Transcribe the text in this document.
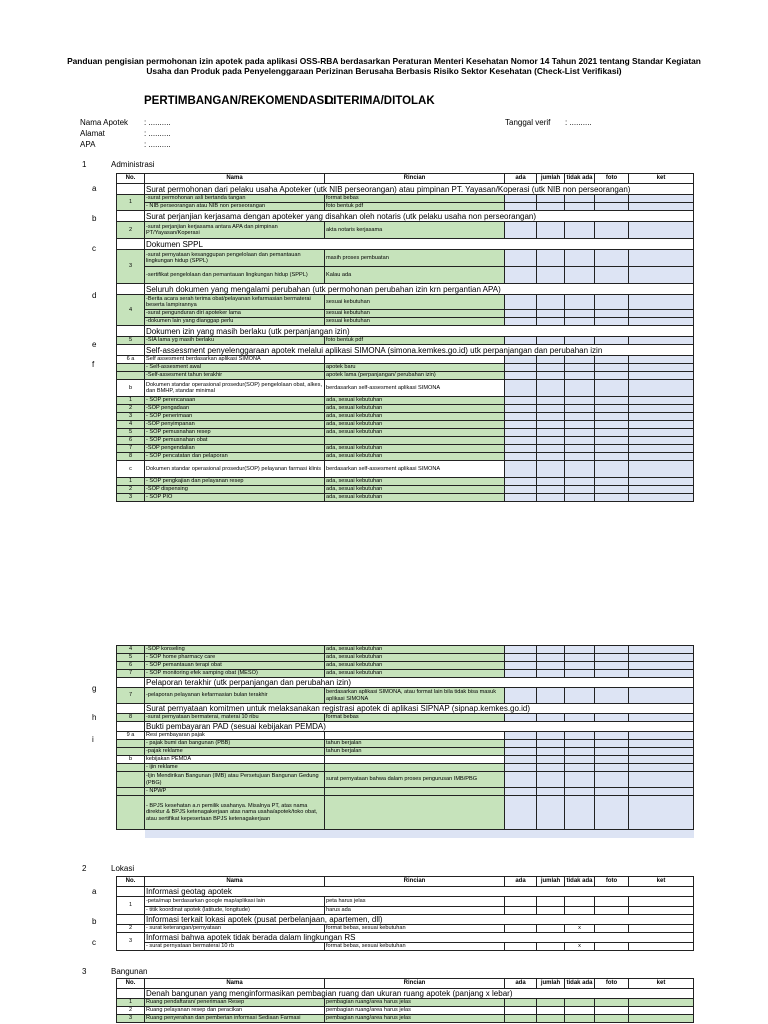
Panduan pengisian permohonan izin apotek pada aplikasi OSS-RBA berdasarkan Peraturan Menteri Kesehatan Nomor 14 Tahun 2021 tentang Standar Kegiatan Usaha dan Produk pada Penyelenggaraan Perizinan Berusaha Berbasis Risiko Sektor Kesehatan (Check-List Verifikasi)
PERTIMBANGAN/REKOMENDASI :
DITERIMA/DITOLAK
Nama Apotek : ..........
Alamat	: ..........
APA	: ..........
Tanggal verif : ..........
1	Administrasi
a
b
c
d
e
f
No.	Nama	Rincian	ada	jumlah	tidak ada	foto	ket
	Surat permohonan dari pelaku usaha Apoteker (utk NIB perseorangan) atau pimpinan PT. Yayasan/Koperasi (utk NIB non perseorangan)						
1	-surat permohonan asli bertanda tangan	format bebas					
	- NIB perseorangan atau NIB non perseorangan	foto bentuk pdf					
	Surat perjanjian kerjasama dengan apoteker yang disahkan oleh notaris (utk pelaku usaha non perseorangan)						
2	-surat perjanjian kerjasama antara APA dan pimpinan PT/Yayasan/Koperasi	akta notaris kerjasama					
	Dokumen SPPL						
3	-surat pernyataan kesanggupan pengelolaan dan pemantauan lingkungan hidup (SPPL)	masih proses pembuatan					
	-sertifikat pengelolaan dan pemantauan lingkungan hidup (SPPL)	Kalau ada					
	Seluruh dokumen yang mengalami perubahan (utk permohonan perubahan izin krn pergantian APA)						
4	-Berita acara serah terima obat/pelayanan kefarmasian bermaterai beserta lampirannya	sesuai kebutuhan					
	-surat pengunduran diri apoteker lama	sesuai kebutuhan					
	-dokumen lain yang dianggap perlu	sesuai kebutuhan					
	Dokumen izin yang masih berlaku (utk perpanjangan izin)						
5	-SIA lama yg masih berlaku	foto bentuk pdf					
	Self-assessment penyelenggaraan apotek melalui aplikasi SIMONA (simona.kemkes.go.id) utk perpanjangan dan perubahan izin						
6 a	Self assesment berdasarkan aplikasi SIMONA						
	- Self-assesment awal	apotek baru					
	-Self-assesment tahun terakhir	apotek lama (perpanjangan/ perubahan izin)					
b	Dokumen standar operasional prosedur(SOP) pengelolaan obat, alkes, dan BMHP, standar minimal	berdasarkan self-assesment aplikasi SIMONA					
1	- SOP perencanaan	ada, sesuai kebutuhan					
2	-SOP pengadaan	ada, sesuai kebutuhan					
3	- SOP penerimaan	ada, sesuai kebutuhan					
4	-SOP penyimpanan	ada, sesuai kebutuhan					
5	- SOP pemusnahan resep	ada, sesuai kebutuhan					
6	- SOP pemusnahan obat						
7	-SOP pengendalian	ada, sesuai kebutuhan					
8	- SOP pencatatan dan pelaporan	ada, sesuai kebutuhan					
c	Dokumen standar operasional prosedur(SOP) pelayanan farmasi klinis	berdasarkan self-assesment aplikasi SIMONA					
1	- SOP pengkajian dan pelayanan resep	ada, sesuai kebutuhan					
2	-SOP dispensing	ada, sesuai kebutuhan					
3	- SOP PIO	ada, sesuai kebutuhan					
g
h
i
4	-SOP konseling	ada, sesuai kebutuhan					
5	- SOP home pharmacy care	ada, sesuai kebutuhan					
6	- SOP pemantauan terapi obat	ada, sesuai kebutuhan					
7	- SOP monitoring efek samping obat (MESO)	ada, sesuai kebutuhan					
	Pelaporan terakhir (utk perpanjangan dan perubahan izin)						
7	-pelaporan pelayanan kefarmasian bulan terakhir	berdasarkan aplikasi SIMONA, atau format lain bila tidak bisa masuk aplikasi SIMONA					
	Surat pernyataan komitmen untuk melaksanakan registrasi apotek di aplikasi SIPNAP (sipnap.kemkes.go.id)						
8	-surat pernyataan bermaterai, materai 10 ribu	format bebas					
	Bukti pembayaran PAD (sesuai kebijakan PEMDA)						
9 a	Resi pembayaran pajak						
	- pajak bumi dan bangunan (PBB)	tahun berjalan					
	-pajak reklame	tahun berjalan					
b	kebijakan PEMDA						
	- ijin reklame						
	-Ijin Mendirikan Bangunan (IMB) atau Persetujuan Bangunan Gedung (PBG)	surat pernyataan bahwa dalam proses pengurusan IMB/PBG					
	- NPWP						
	- BPJS kesehatan a.n pemilik usahanya. Misalnya PT, atas nama direktur & BPJS ketenagakerjaan atas nama usaha/apotek/toko obat, atau sertifikat kepesertaan BPJS ketenagakerjaan						

2	Lokasi
a
b
c
No.	Nama	Rincian	ada	jumlah	tidak ada	foto	ket
	Informasi geotag apotek						
1	-peta/map berdasarkan google map/aplikasi lain	peta harus jelas					
	- titik koordinat apotek (latitude, longitude)	harus ada					
	Informasi terkait lokasi apotek (pusat perbelanjaan, apartemen, dll)						
2	- surat keterangan/pernyataan	format bebas, sesuai kebutuhan			x		
3	Informasi bahwa apotek tidak berada dalam lingkungan RS						
	- surat pernyataan bermaterai 10 rb	format bebas, sesuai kebutuhan			x		
3	Bangunan
No.	Nama	Rincian	ada	jumlah	tidak ada	foto	ket
	Denah bangunan yang menginformasikan pembagian ruang dan ukuran ruang apotek (panjang x lebar)						
1	Ruang pendaftaran/ penerimaan Resep	pembagian ruang/area harus jelas					
2	Ruang pelayanan resep dan peracikan	pembagian ruang/area harus jelas					
3	Ruang penyerahan dan pemberian informasi Sediaan Farmasi	pembagian ruang/area harus jelas					
